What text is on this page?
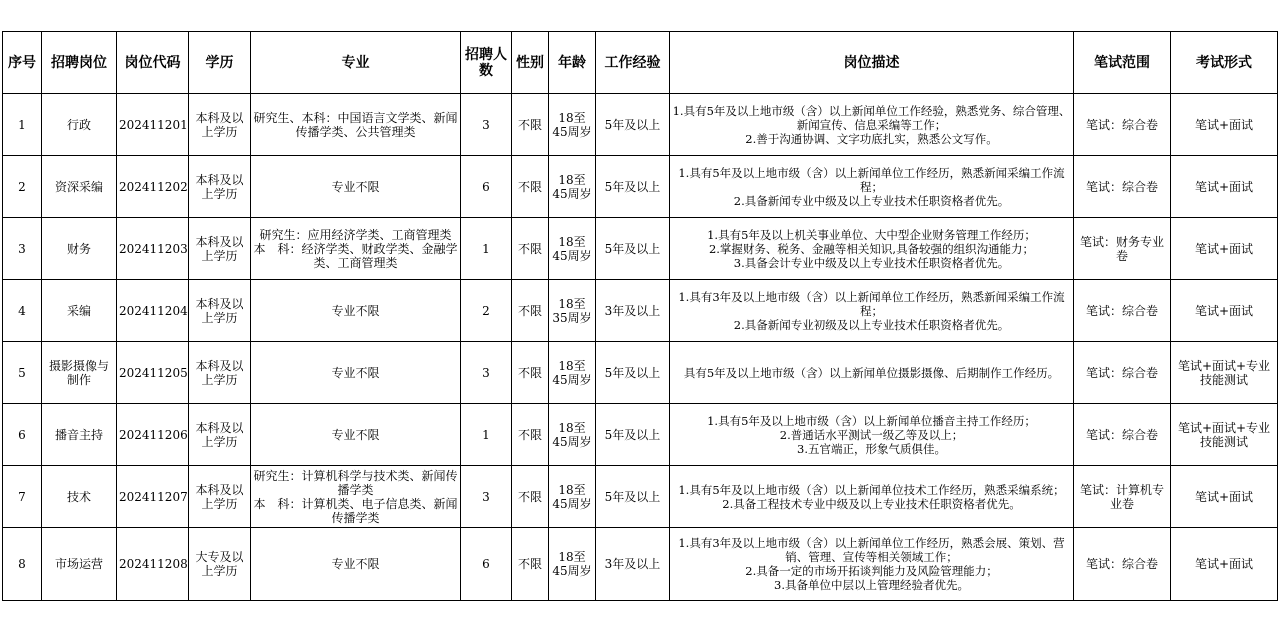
序号	招聘岗位	岗位代码	学历	专业	招聘人数	性别	年龄	工作经验	岗位描述	笔试范围	考试形式
1	行政	202411201	本科及以上学历	研究生、本科：中国语言文学类、新闻传播学类、公共管理类	3	不限	18至45周岁	5年及以上	1.具有5年及以上地市级（含）以上新闻单位工作经验，熟悉党务、综合管理、新闻宣传、信息采编等工作；
2.善于沟通协调、文字功底扎实，熟悉公文写作。	笔试：综合卷	笔试+面试
2	资深采编	202411202	本科及以上学历	专业不限	6	不限	18至45周岁	5年及以上	1.具有5年及以上地市级（含）以上新闻单位工作经历，熟悉新闻采编工作流程；
2.具备新闻专业中级及以上专业技术任职资格者优先。	笔试：综合卷	笔试+面试
3	财务	202411203	本科及以上学历	研究生：应用经济学类、工商管理类
本　科：经济学类、财政学类、金融学类、工商管理类	1	不限	18至45周岁	5年及以上	1.具有5年及以上机关事业单位、大中型企业财务管理工作经历；
2.掌握财务、税务、金融等相关知识,具备较强的组织沟通能力；
3.具备会计专业中级及以上专业技术任职资格者优先。	笔试：财务专业卷	笔试+面试
4	采编	202411204	本科及以上学历	专业不限	2	不限	18至35周岁	3年及以上	1.具有3年及以上地市级（含）以上新闻单位工作经历，熟悉新闻采编工作流程；
2.具备新闻专业初级及以上专业技术任职资格者优先。	笔试：综合卷	笔试+面试
5	摄影摄像与制作	202411205	本科及以上学历	专业不限	3	不限	18至45周岁	5年及以上	具有5年及以上地市级（含）以上新闻单位摄影摄像、后期制作工作经历。	笔试：综合卷	笔试+面试+专业技能测试
6	播音主持	202411206	本科及以上学历	专业不限	1	不限	18至45周岁	5年及以上	1.具有5年及以上地市级（含）以上新闻单位播音主持工作经历；
2.普通话水平测试一级乙等及以上；
3.五官端正，形象气质俱佳。	笔试：综合卷	笔试+面试+专业技能测试
7	技术	202411207	本科及以上学历	研究生：计算机科学与技术类、新闻传播学类
本　科：计算机类、电子信息类、新闻传播学类	3	不限	18至45周岁	5年及以上	1.具有5年及以上地市级（含）以上新闻单位技术工作经历，熟悉采编系统；
2.具备工程技术专业中级及以上专业技术任职资格者优先。	笔试：计算机专业卷	笔试+面试
8	市场运营	202411208	大专及以上学历	专业不限	6	不限	18至45周岁	3年及以上	1.具有3年及以上地市级（含）以上新闻单位工作经历，熟悉会展、策划、营销、管理、宣传等相关领域工作；
2.具备一定的市场开拓谈判能力及风险管理能力；
3.具备单位中层以上管理经验者优先。	笔试：综合卷	笔试+面试
